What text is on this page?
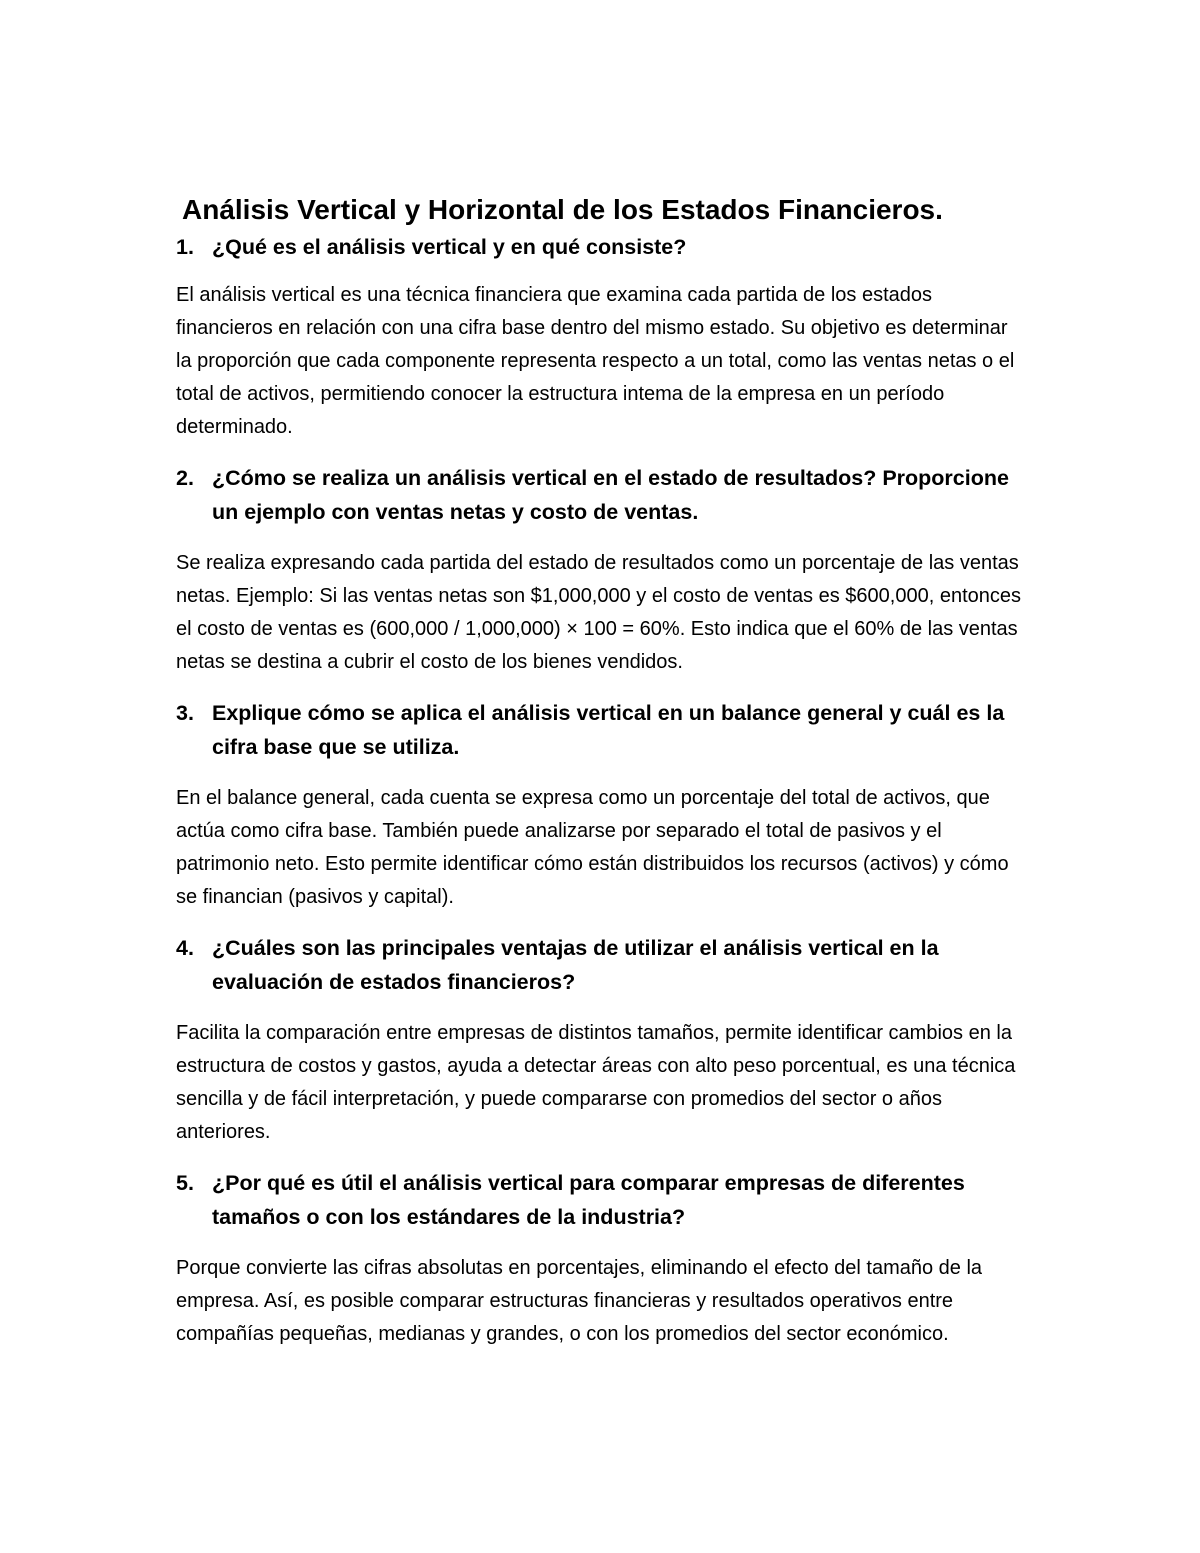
Análisis Vertical y Horizontal de los Estados Financieros.
1. ¿Qué es el análisis vertical y en qué consiste?

El análisis vertical es una técnica financiera que examina cada partida de los estados financieros en relación con una cifra base dentro del mismo estado. Su objetivo es determinar la proporción que cada componente representa respecto a un total, como las ventas netas o el total de activos, permitiendo conocer la estructura intema de la empresa en un período determinado.

2. ¿Cómo se realiza un análisis vertical en el estado de resultados? Proporcione un ejemplo con ventas netas y costo de ventas.

Se realiza expresando cada partida del estado de resultados como un porcentaje de las ventas netas. Ejemplo: Si las ventas netas son $1,000,000 y el costo de ventas es $600,000, entonces el costo de ventas es (600,000 / 1,000,000) × 100 = 60%. Esto indica que el 60% de las ventas netas se destina a cubrir el costo de los bienes vendidos.

3. Explique cómo se aplica el análisis vertical en un balance general y cuál es la cifra base que se utiliza.

En el balance general, cada cuenta se expresa como un porcentaje del total de activos, que actúa como cifra base. También puede analizarse por separado el total de pasivos y el patrimonio neto. Esto permite identificar cómo están distribuidos los recursos (activos) y cómo se financian (pasivos y capital).

4. ¿Cuáles son las principales ventajas de utilizar el análisis vertical en la evaluación de estados financieros?

Facilita la comparación entre empresas de distintos tamaños, permite identificar cambios en la estructura de costos y gastos, ayuda a detectar áreas con alto peso porcentual, es una técnica sencilla y de fácil interpretación, y puede compararse con promedios del sector o años anteriores.

5. ¿Por qué es útil el análisis vertical para comparar empresas de diferentes tamaños o con los estándares de la industria?

Porque convierte las cifras absolutas en porcentajes, eliminando el efecto del tamaño de la empresa. Así, es posible comparar estructuras financieras y resultados operativos entre compañías pequeñas, medianas y grandes, o con los promedios del sector económico.
